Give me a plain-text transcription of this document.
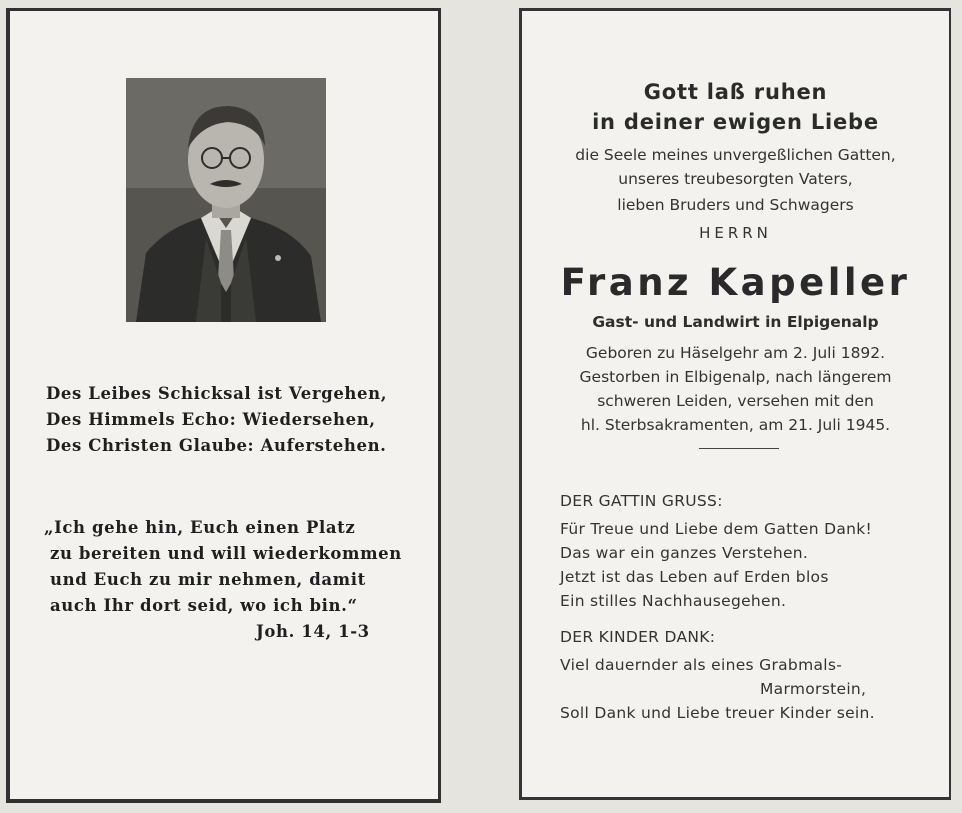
Des Leibes Schicksal ist Vergehen,
Des Himmels Echo: Wiedersehen,
Des Christen Glaube: Auferstehen.
„Ich gehe hin, Euch einen Platz
zu bereiten und will wiederkommen
und Euch zu mir nehmen, damit
auch Ihr dort seid, wo ich bin.“
Joh. 14, 1-3
Gott laß ruhen
in deiner ewigen Liebe
die Seele meines unvergeßlichen Gatten,
unseres treubesorgten Vaters,
lieben Bruders und Schwagers
HERRN
Franz Kapeller
Gast- und Landwirt in Elpigenalp
Geboren zu Häselgehr am 2. Juli 1892.
Gestorben in Elbigenalp, nach längerem
schweren Leiden, versehen mit den
hl. Sterbsakramenten, am 21. Juli 1945.
DER GATTIN GRUSS:
Für Treue und Liebe dem Gatten Dank!
Das war ein ganzes Verstehen.
Jetzt ist das Leben auf Erden blos
Ein stilles Nachhausegehen.
DER KINDER DANK:
Viel dauernder als eines Grabmals-
Marmorstein,
Soll Dank und Liebe treuer Kinder sein.
